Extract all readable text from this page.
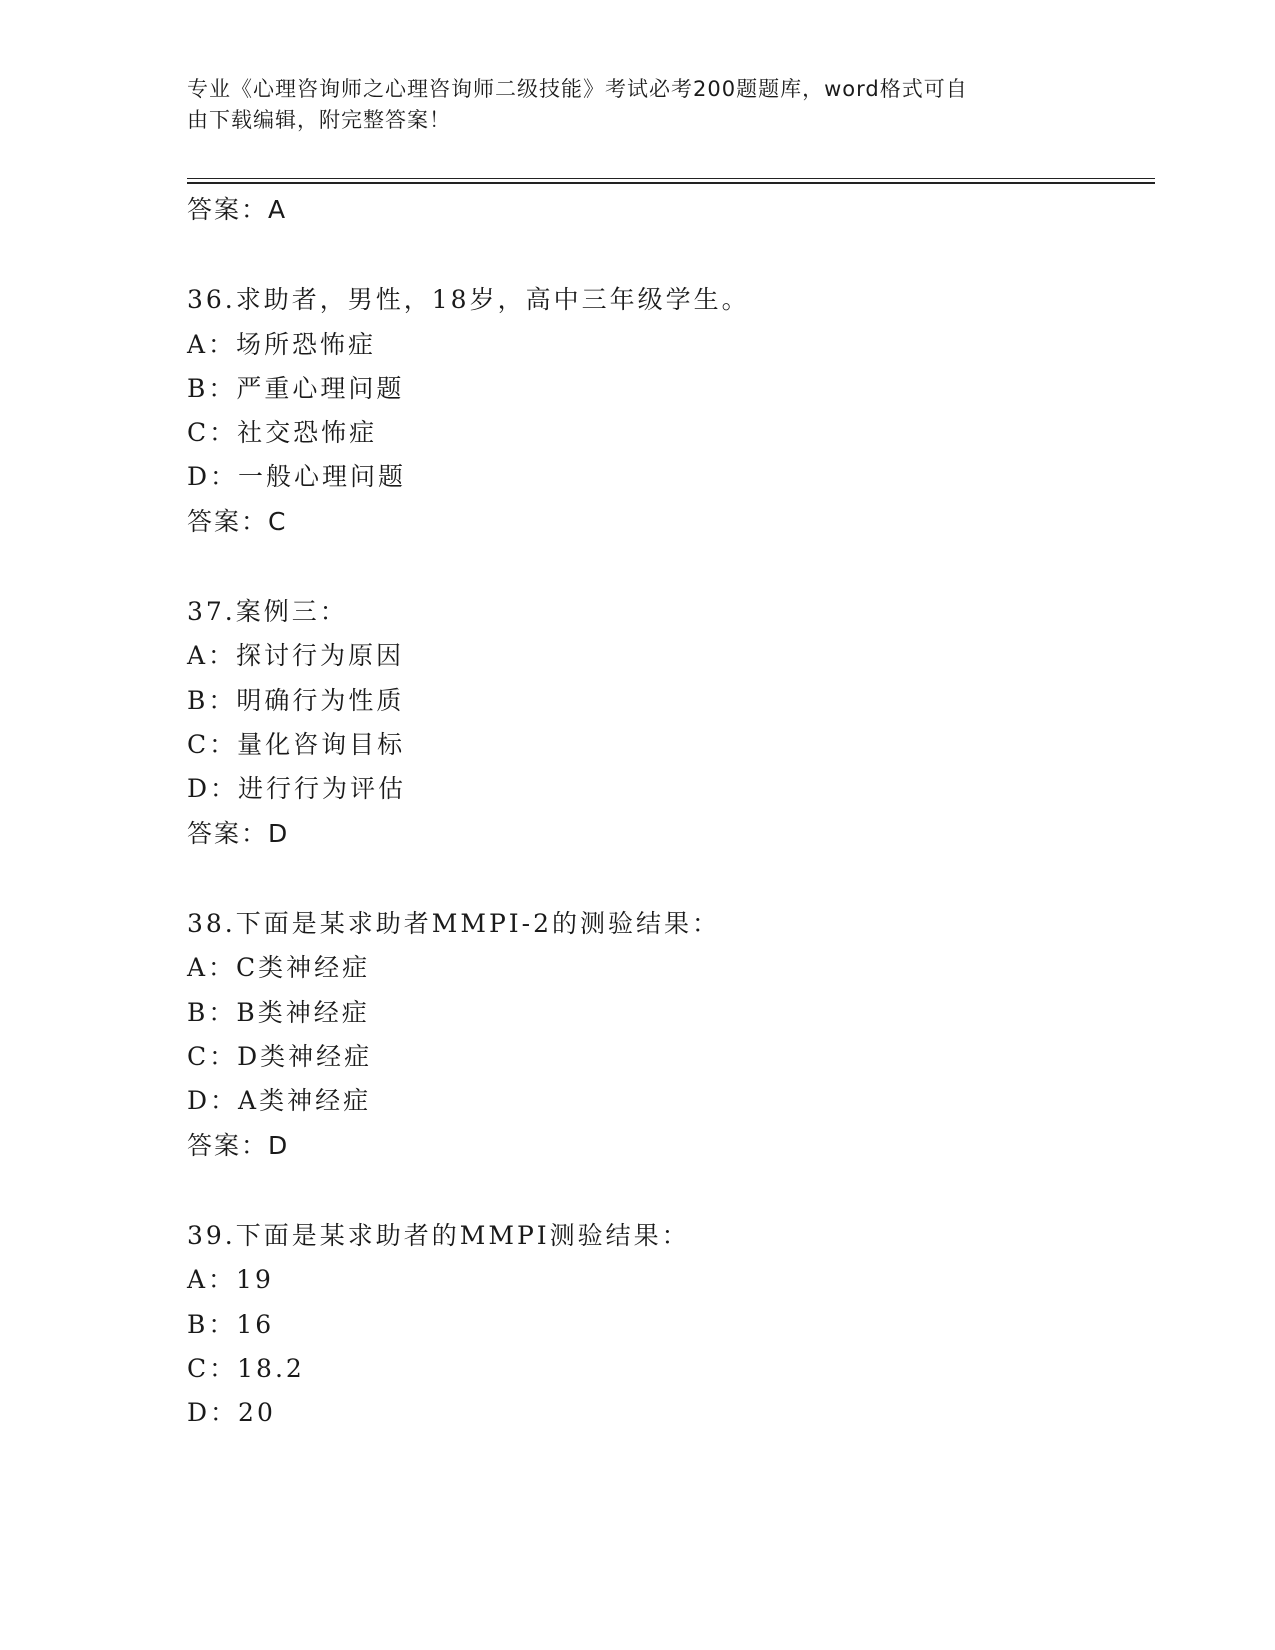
专业《心理咨询师之心理咨询师二级技能》考试必考200题题库，word格式可自
由下载编辑，附完整答案！
答案：A
36.求助者，男性，18岁，高中三年级学生。
A：场所恐怖症
B：严重心理问题
C：社交恐怖症
D：一般心理问题
答案：C
37.案例三：
A：探讨行为原因
B：明确行为性质
C：量化咨询目标
D：进行行为评估
答案：D
38.下面是某求助者MMPI-2的测验结果：
A：C类神经症
B：B类神经症
C：D类神经症
D：A类神经症
答案：D
39.下面是某求助者的MMPI测验结果：
A：19
B：16
C：18.2
D：20
